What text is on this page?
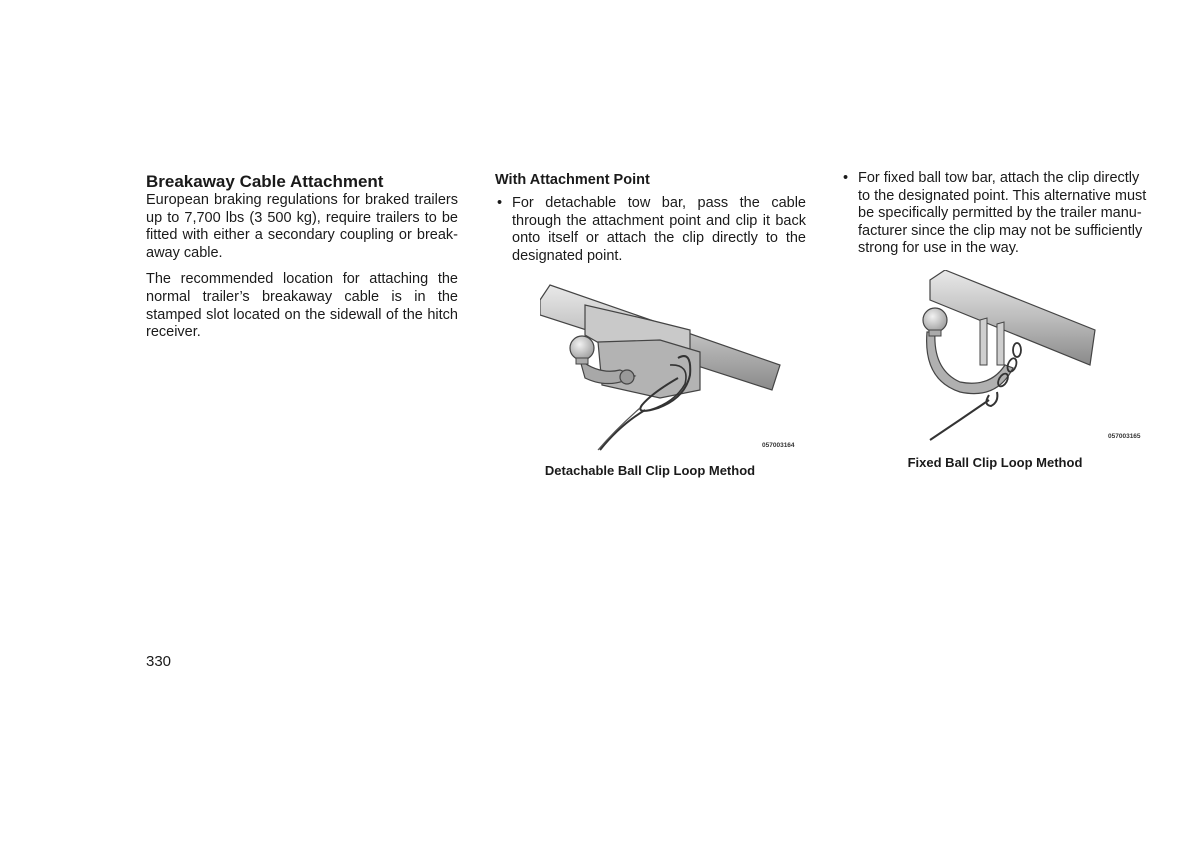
Breakaway Cable Attachment

European braking regulations for braked trailers up to 7,700 lbs (3 500 kg), require trailers to be fitted with either a secondary coupling or break-away cable.

The recommended location for attaching the normal trailer’s breakaway cable is in the stamped slot located on the sidewall of the hitch receiver.

With Attachment Point
• For detachable tow bar, pass the cable through the attachment point and clip it back onto itself or attach the clip directly to the designated point.
• For fixed ball tow bar, attach the clip directly to the designated point. This alternative must be specifically permitted by the trailer manu-facturer since the clip may not be sufficiently strong for use in the way.
057003164
057003165
Detachable Ball Clip Loop Method
Fixed Ball Clip Loop Method
330
